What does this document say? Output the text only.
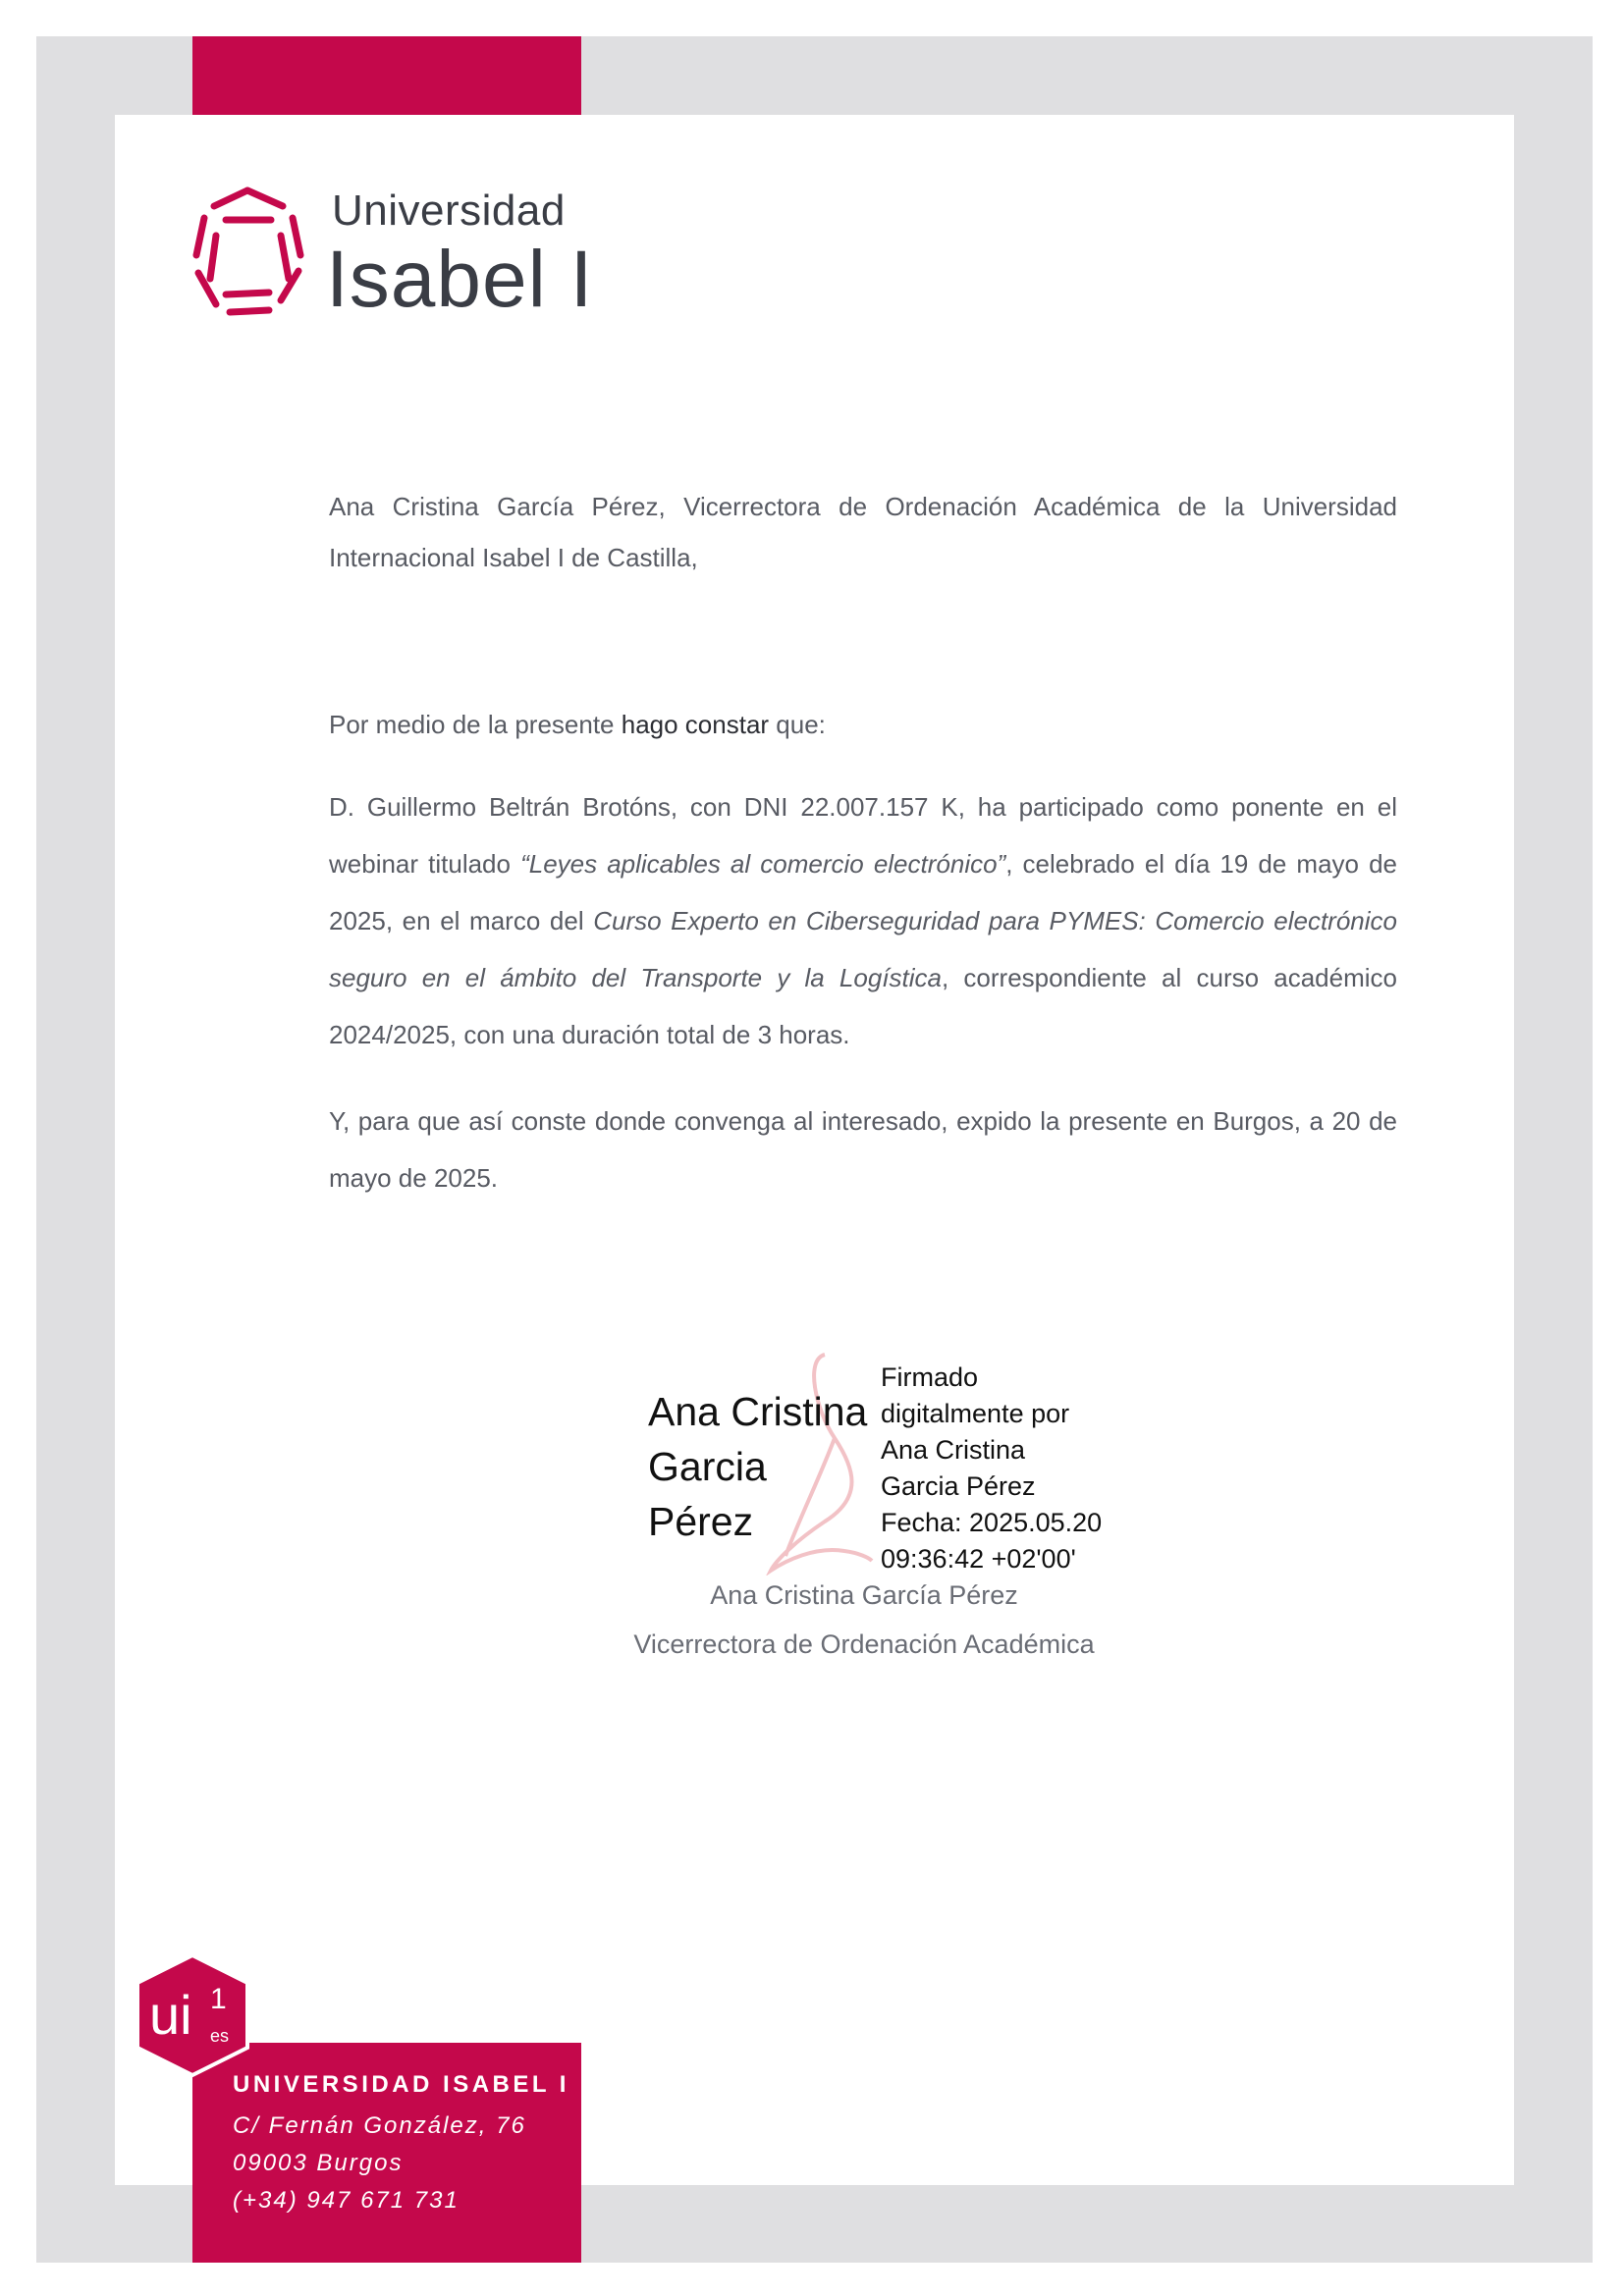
Universidad
Isabel I
Ana Cristina García Pérez, Vicerrectora de Ordenación Académica de la Universidad Internacional Isabel I de Castilla,
Por medio de la presente hago constar que:
D. Guillermo Beltrán Brotóns, con DNI 22.007.157 K, ha participado como ponente en el webinar titulado “Leyes aplicables al comercio electrónico”, celebrado el día 19 de mayo de 2025, en el marco del Curso Experto en Ciberseguridad para PYMES: Comercio electrónico seguro en el ámbito del Transporte y la Logística, correspondiente al curso académico 2024/2025, con una duración total de 3 horas.
Y, para que así conste donde convenga al interesado, expido la presente en Burgos, a 20 de mayo de 2025.
Ana Cristina
Garcia
Pérez
Firmado
digitalmente por
Ana Cristina
Garcia Pérez
Fecha: 2025.05.20
09:36:42 +02'00'
Ana Cristina García Pérez
Vicerrectora de Ordenación Académica
ui 1
es
UNIVERSIDAD ISABEL I
C/ Fernán González, 76
09003 Burgos
(+34) 947 671 731
